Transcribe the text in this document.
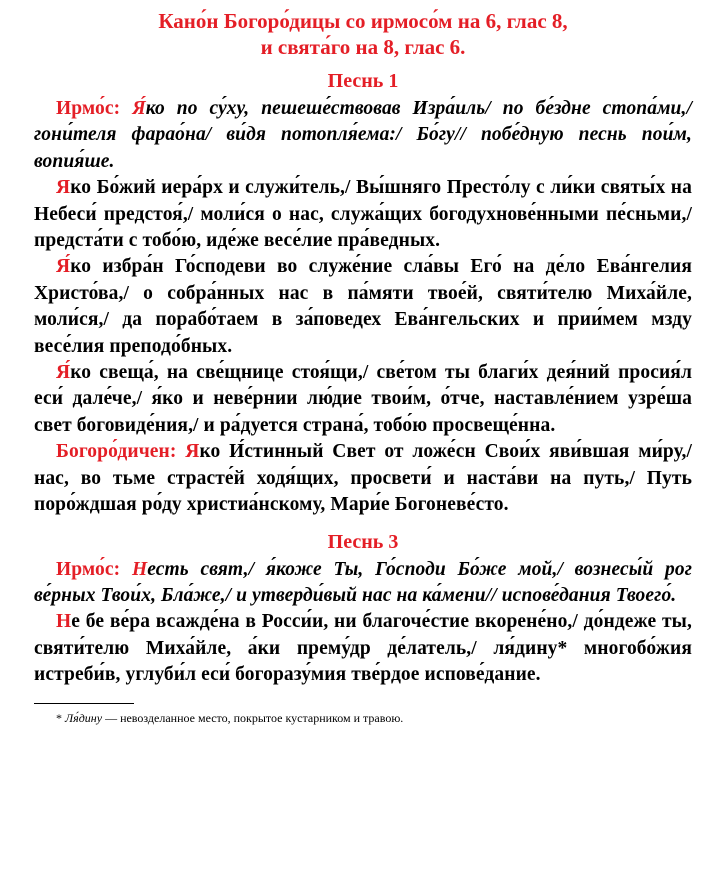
Кано́н Богоро́дицы со ирмосо́м на 6, глас 8,
и свята́го на 8, глас 6.

Песнь 1

Ирмо́с: Я́ко по су́ху, пешеше́ствовав Изра́иль/ по бе́здне стопа́ми,/ гони́теля фарао́на/ ви́дя потопля́ема:/ Бо́гу// побе́дную песнь пои́м, вопия́ше.

Яко Бо́жий иера́рх и служи́тель,/ Вы́шняго Престо́лу с ли́ки святы́х на Небеси́ предстоя́,/ моли́ся о нас, служа́щих богодухнове́нными пе́сньми,/ предста́ти с тобо́ю, иде́же весе́лие пра́ведных.

Я́ко избра́н Го́сподеви во служе́ние сла́вы Его́ на де́ло Ева́нгелия Христо́ва,/ о собра́нных нас в па́мяти твое́й, святи́телю Миха́йле, моли́ся,/ да порабо́таем в за́поведех Ева́нгельских и прии́мем мзду весе́лия преподо́бных.

Я́ко свеща́, на све́щнице стоя́щи,/ све́том ты благи́х дея́ний просия́л еси́ дале́че,/ я́ко и неве́рнии лю́дие твои́м, о́тче, наставле́нием узре́ша свет боговиде́ния,/ и ра́дуется страна́, тобо́ю просвеще́нна.

Богоро́дичен: Яко И́стинный Свет от ложе́сн Свои́х яви́вшая ми́ру,/ нас, во тьме страсте́й ходя́щих, просвети́ и наста́ви на путь,/ Путь поро́ждшая ро́ду христиа́нскому, Мари́е Богоневе́сто.

Песнь 3

Ирмо́с: Несть свят,/ я́коже Ты, Го́споди Бо́же мой,/ вознесы́й рог ве́рных Твои́х, Бла́же,/ и утверди́вый нас на ка́мени// испове́дания Твоего́.

Не бе ве́ра всажде́на в Росси́и, ни благоче́стие вкорене́но,/ до́ндеже ты, святи́телю Миха́йле, а́ки прему́др де́латель,/ ля́дину* многобо́жия истреби́в, углуби́л еси́ богоразу́мия тве́рдое испове́дание.

* Ля́дину — невозделанное место, покрытое кустарником и травою.
